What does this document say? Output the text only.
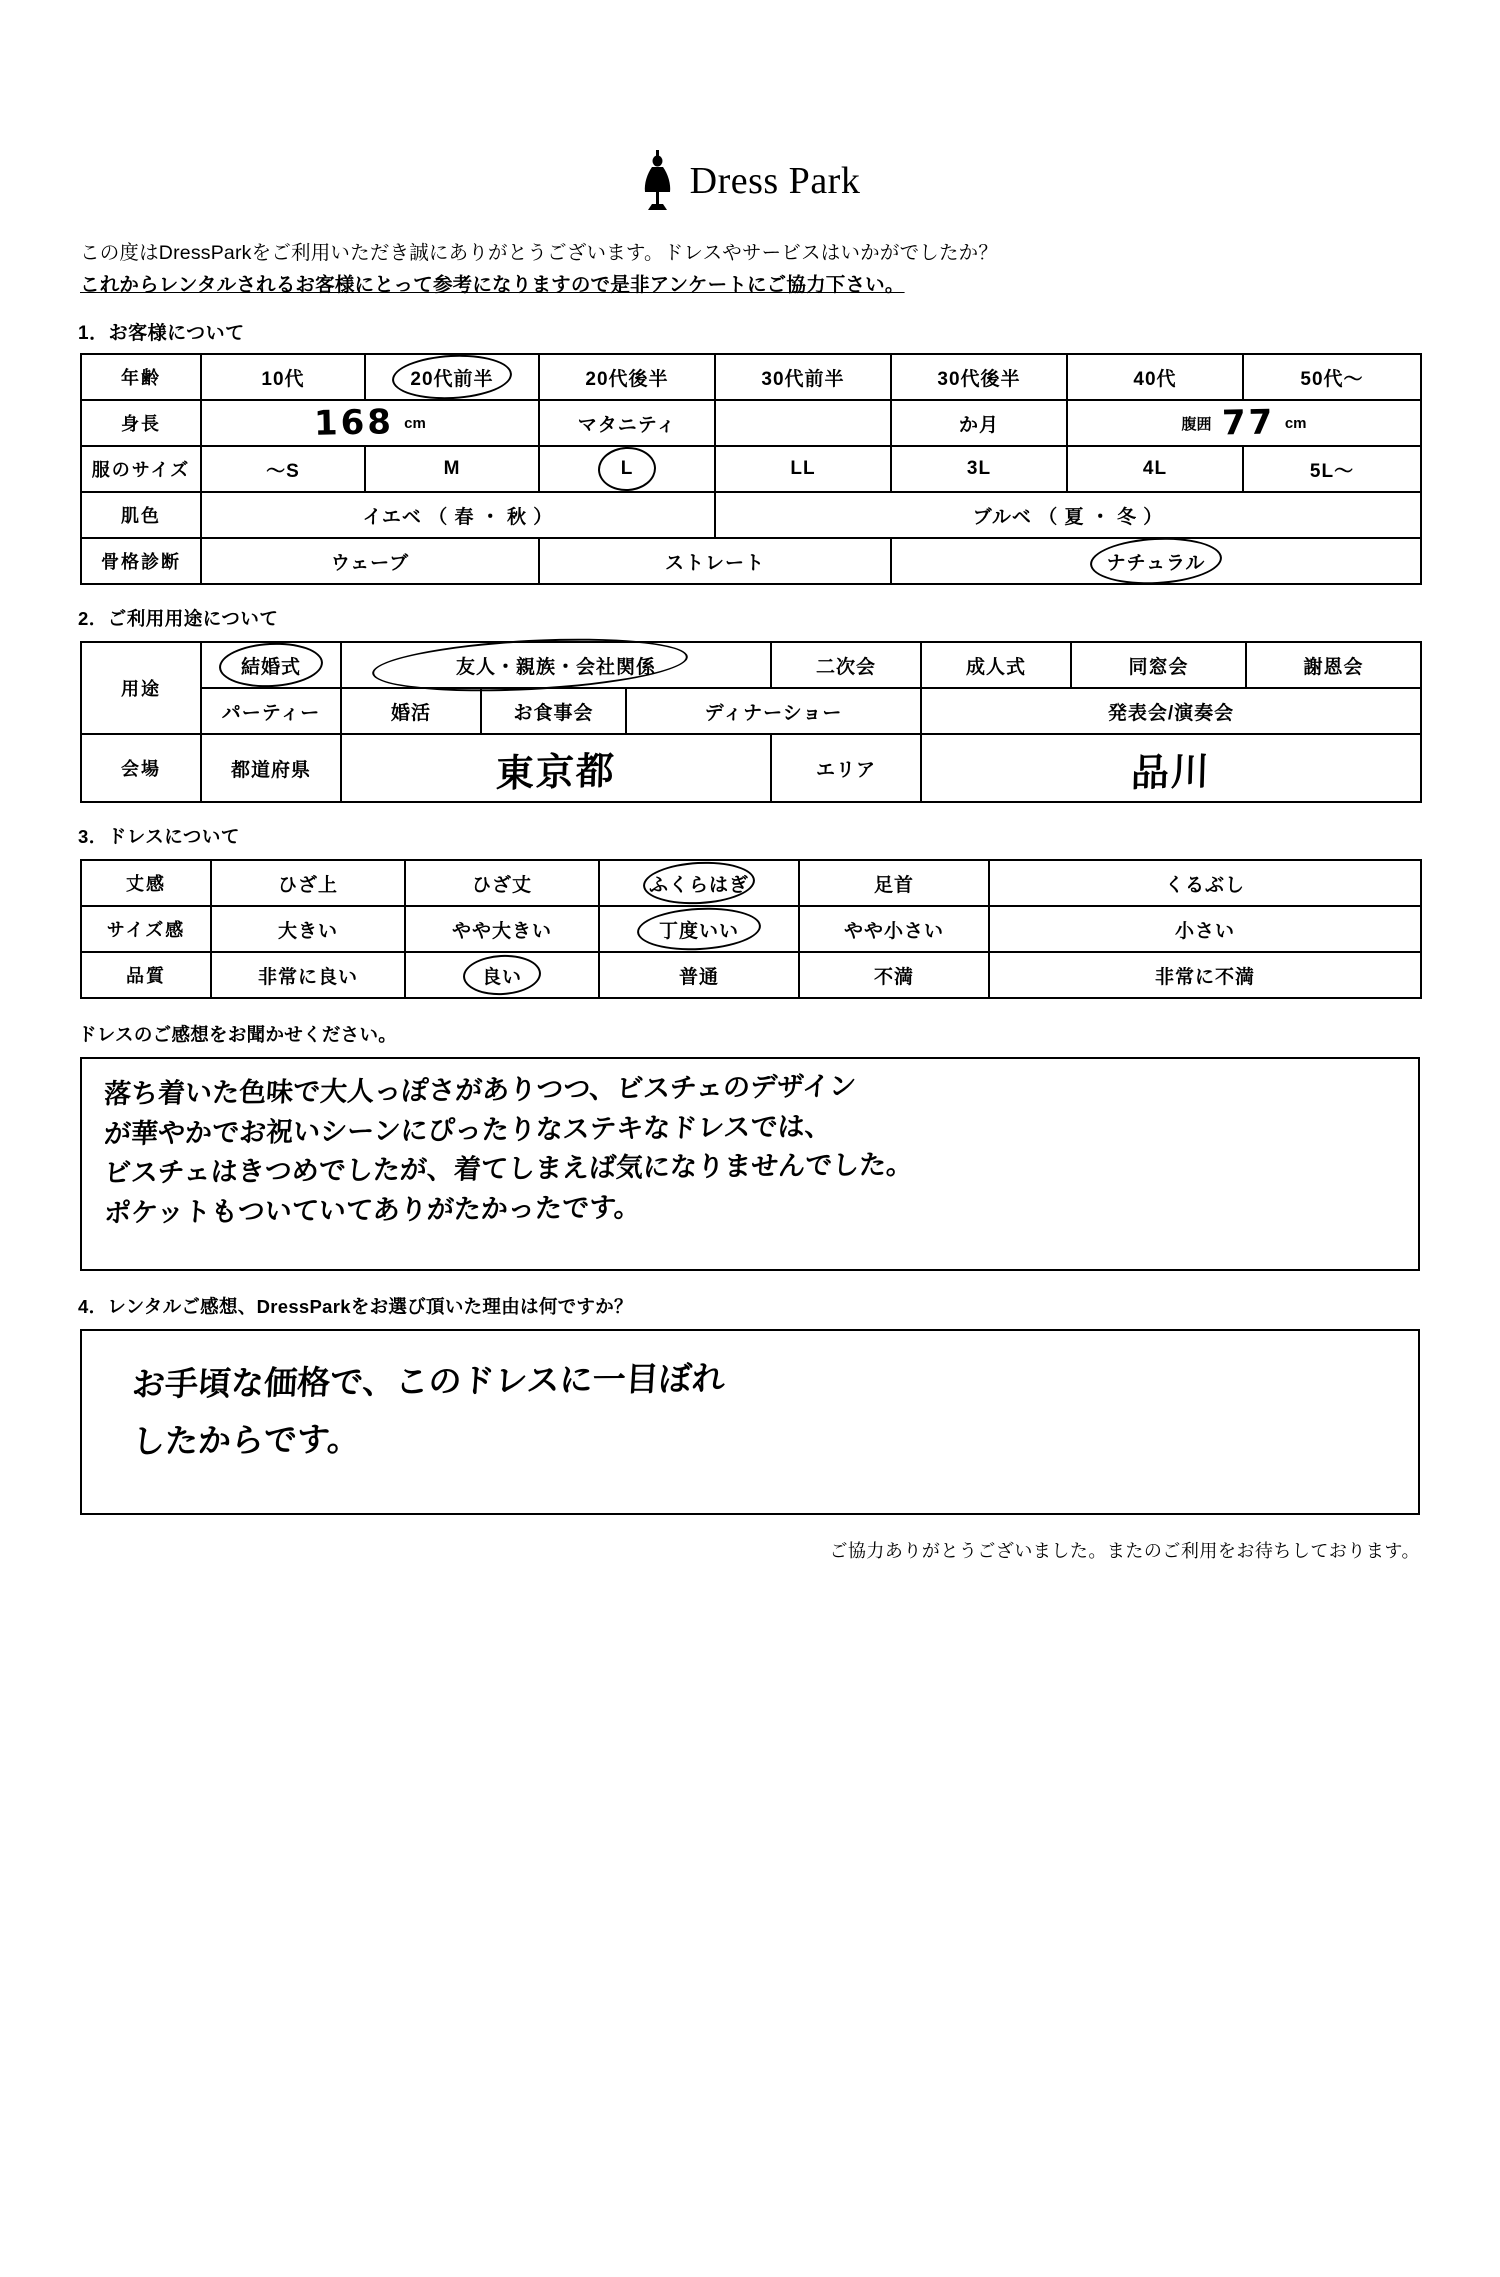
Dress Park
この度はDressParkをご利用いただき誠にありがとうございます。ドレスやサービスはいかがでしたか？
これからレンタルされるお客様にとって参考になりますので是非アンケートにご協力下さい。
1．お客様について
年齢	10代	20代前半	20代後半	30代前半	30代後半	40代	50代～
身長	168 cm		マタニティ		か月	腹囲 77 cm	

服のサイズ	～S	M	L	LL	3L	4L	5L～
肌色	イエベ （ 春 ・ 秋 ）			ブルベ （ 夏 ・ 冬 ）			
骨格診断	ウェーブ		ストレート		ナチュラル		
2．ご利用用途について
用途	結婚式	友人・親族・会社関係			二次会	成人式	同窓会	謝恩会
	パーティー	婚活	お食事会	ディナーショー		発表会/演奏会		
会場	都道府県	東京都			エリア	品川		
3．ドレスについて
丈感	ひざ上	ひざ丈	ふくらはぎ	足首	くるぶし
サイズ感	大きい	やや大きい	丁度いい	やや小さい	小さい
品質	非常に良い	良い	普通	不満	非常に不満
ドレスのご感想をお聞かせください。
落ち着いた色味で大人っぽさがありつつ、ビスチェのデザイン
が華やかでお祝いシーンにぴったりなステキなドレスでは、
ビスチェはきつめでしたが、着てしまえば気になりませんでした。
ポケットもついていてありがたかったです。
4．レンタルご感想、DressParkをお選び頂いた理由は何ですか？
お手頃な価格で、このドレスに一目ぼれ
したからです。
ご協力ありがとうございました。またのご利用をお待ちしております。
